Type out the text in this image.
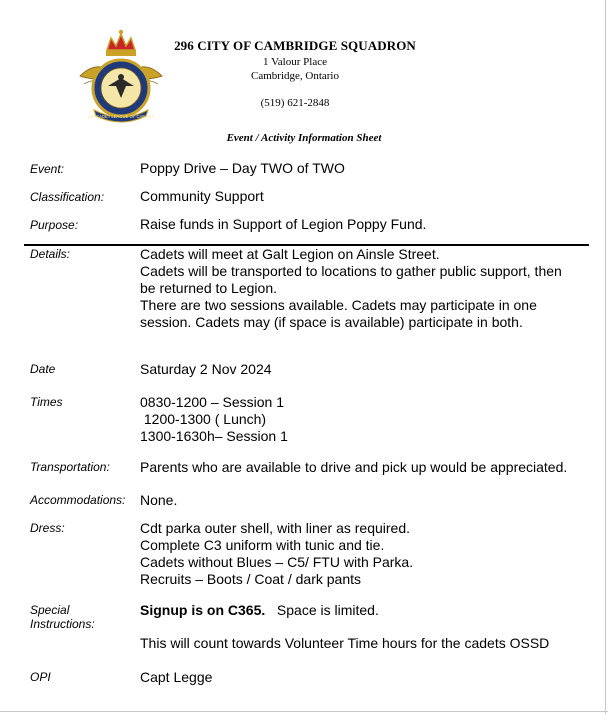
AIR CADET LEAGUE OF CANADA
296 CITY OF CAMBRIDGE SQUADRON
1 Valour Place
Cambridge, Ontario
(519) 621-2848
Event / Activity Information Sheet
Event:	Poppy Drive – Day TWO of TWO
Classification:	Community Support
Purpose:	Raise funds in Support of Legion Poppy Fund.
Details:	Cadets will meet at Galt Legion on Ainsle Street.
Cadets will be transported to locations to gather public support, then
be returned to Legion.
There are two sessions available. Cadets may participate in one
session. Cadets may (if space is available) participate in both.
Date	Saturday 2 Nov 2024
Times	0830-1200 – Session 1
1200-1300 ( Lunch)
1300-1630h– Session 1
Transportation: Parents who are available to drive and pick up would be appreciated.
Accommodations: None.
Dress:	Cdt parka outer shell, with liner as required.
Complete C3 uniform with tunic and tie.
Cadets without Blues – C5/ FTU with Parka.
Recruits – Boots / Coat / dark pants
Special
Instructions:
Signup is on C365.   Space is limited.
This will count towards Volunteer Time hours for the cadets OSSD
OPI	Capt Legge
